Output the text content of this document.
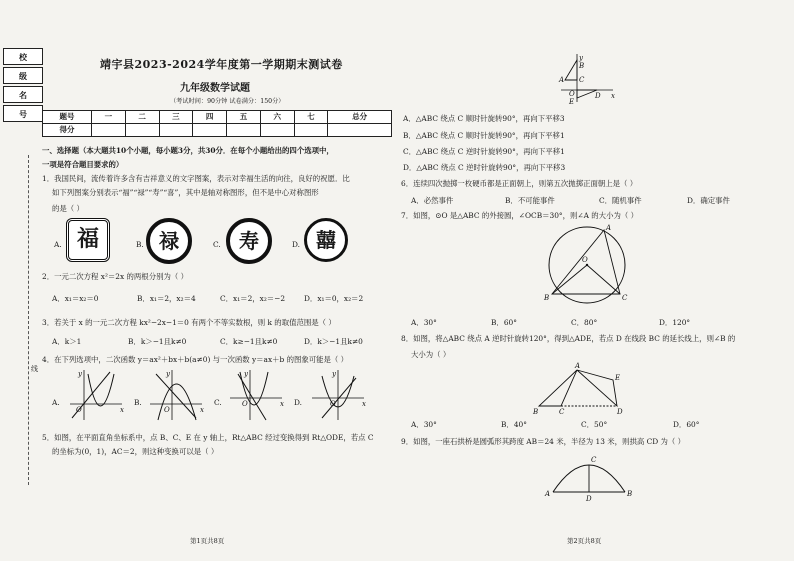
校
级
名
号
线
靖宇县2023-2024学年度第一学期期末测试卷
九年级数学试题
（考试时间：90分钟 试卷满分：150分）
题号	一	二	三	四	五	六	七	总分
得分								
一、选择题（本大题共10个小题，每小题3分，共30分．在每个小题给出的四个选项中，
一项是符合题目要求的）
1．我国民间，流传着许多含有吉祥意义的文字图案，表示对幸福生活的向往，良好的祝愿．比
如下列图案分别表示“福”“禄”“寿”“喜”，其中是轴对称图形，但不是中心对称图形
的是（ ）
A. 福	B. 禄	C. 寿	D. 囍
2．一元二次方程 x²＝2x 的两根分别为（ ）
A．x₁＝x₂＝0	B．x₁＝2，x₂＝4	C．x₁＝2，x₂＝−2	D．x₁＝0，x₂＝2
3．若关于 x 的一元二次方程 kx²−2x−1＝0 有两个不等实数根，则 k 的取值范围是（ ）
A．k＞1	B．k＞−1且k≠0	C．k≥−1且k≠0	D．k＞−1且k≠0
4．在下列选项中，二次函数 y＝ax²＋bx＋b(a≠0) 与一次函数 y＝ax＋b 的图象可能是（ ）
A.
y
O	x
B.
y
O	x
C.
y
O	x D.
y
O	x
5．如图，在平面直角坐标系中，点 B、C、E 在 y 轴上，Rt△ABC 经过变换得到 Rt△ODE，若点 C
的坐标为(0，1)，AC＝2，则这种变换可以是（ ）
第1页共8页
y
A
B
C
O	D
E
x
A．△ABC 绕点 C 顺时针旋转90°，再向下平移3
B．△ABC 绕点 C 顺时针旋转90°，再向下平移1
C．△ABC 绕点 C 逆时针旋转90°，再向下平移1
D．△ABC 绕点 C 逆时针旋转90°，再向下平移3
6．连续四次抛掷一枚硬币都是正面朝上，则第五次抛掷正面朝上是（ ）
A．必然事件	B．不可能事件	C．随机事件	D．确定事件
7．如图，⊙O 是△ABC 的外接圆，∠OCB＝30°，则∠A 的大小为（ ）
A
O
B	C
A．30°	B．60°	C．80°	D．120°
8．如图，将△ABC 绕点 A 逆时针旋转120°，得到△ADE，若点 D 在线段 BC 的延长线上，则∠B 的
大小为（ ）
A
B	C	D
E
A．30°	B．40°	C．50°	D．60°
9．如图，一座石拱桥是圆弧形其跨度 AB＝24 米，半径为 13 米，则拱高 CD 为（ ）
C
A
D
B
第2页共8页
